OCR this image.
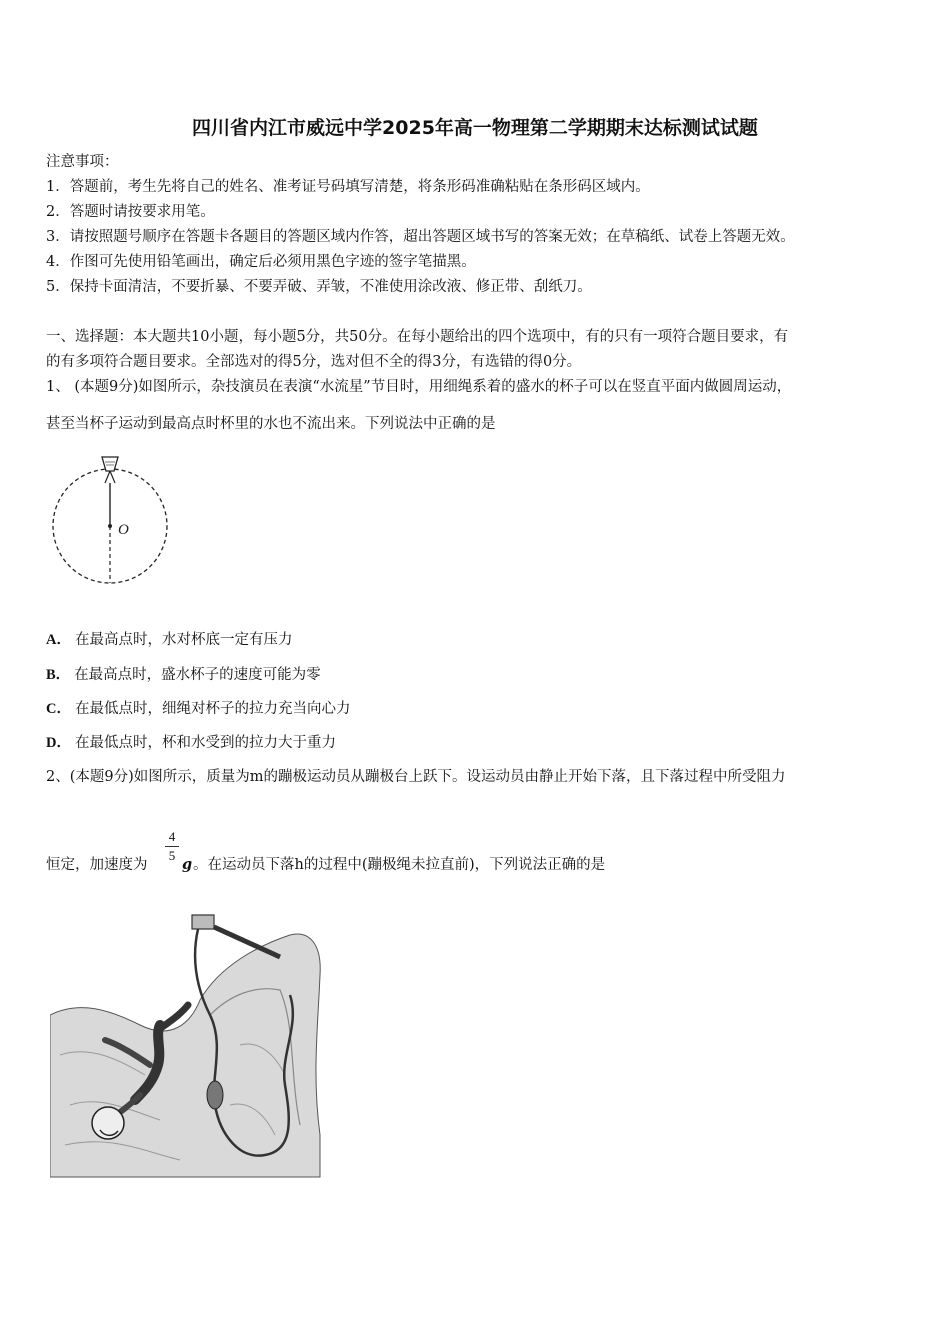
四川省内江市威远中学2025年高一物理第二学期期末达标测试试题
注意事项：
1．答题前，考生先将自己的姓名、准考证号码填写清楚，将条形码准确粘贴在条形码区域内。
2．答题时请按要求用笔。
3．请按照题号顺序在答题卡各题目的答题区域内作答，超出答题区域书写的答案无效；在草稿纸、试卷上答题无效。
4．作图可先使用铅笔画出，确定后必须用黑色字迹的签字笔描黑。
5．保持卡面清洁，不要折暴、不要弄破、弄皱，不准使用涂改液、修正带、刮纸刀。
一、选择题：本大题共10小题，每小题5分，共50分。在每小题给出的四个选项中，有的只有一项符合题目要求，有
的有多项符合题目要求。全部选对的得5分，选对但不全的得3分，有选错的得0分。
1、 (本题9分)如图所示，杂技演员在表演“水流星”节目时，用细绳系着的盛水的杯子可以在竖直平面内做圆周运动，
甚至当杯子运动到最高点时杯里的水也不流出来。下列说法中正确的是
O
A． 在最高点时，水对杯底一定有压力
B． 在最高点时，盛水杯子的速度可能为零
C． 在最低点时，细绳对杯子的拉力充当向心力
D． 在最低点时，杯和水受到的拉力大于重力
2、(本题9分)如图所示，质量为m的蹦极运动员从蹦极台上跃下。设运动员由静止开始下落，且下落过程中所受阻力
恒定，加速度为
4
5
g 。在运动员下落h的过程中(蹦极绳未拉直前)，下列说法正确的是
